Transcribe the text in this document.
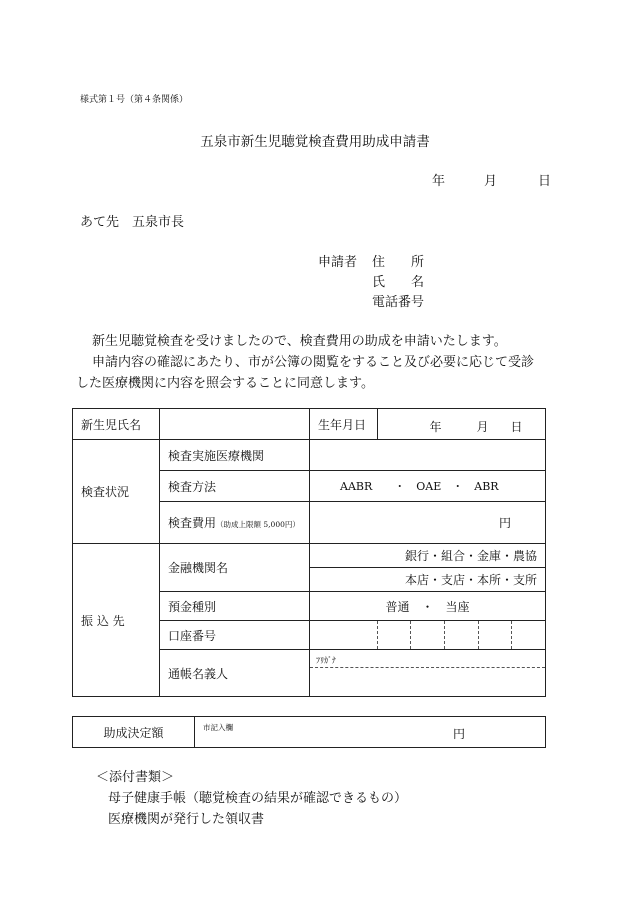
様式第１号（第４条関係）
五泉市新生児聴覚検査費用助成申請書
年	月	日
あて先　五泉市長
申請者 住　　所
氏　　名
電話番号
新生児聴覚検査を受けましたので、検査費用の助成を申請いたします。
申請内容の確認にあたり、市が公簿の閲覧をすること及び必要に応じて受診
した医療機関に内容を照会することに同意します。
新生児氏名		生年月日	年 月 日

検査状況	検査実施医療機関		
	検査方法	AABR　　・　OAE　・　ABR	
	検査費用（助成上限額 5,000円）	円	
振 込 先	金融機関名	銀行・組合・金庫・農協	
		本店・支店・本所・支所	
	預金種別	普通　・　当座	
	口座番号		

	通帳名義人	ﾌﾘｶﾞﾅ	
助成決定額	市記入欄	円
＜添付書類＞
母子健康手帳（聴覚検査の結果が確認できるもの）
医療機関が発行した領収書
